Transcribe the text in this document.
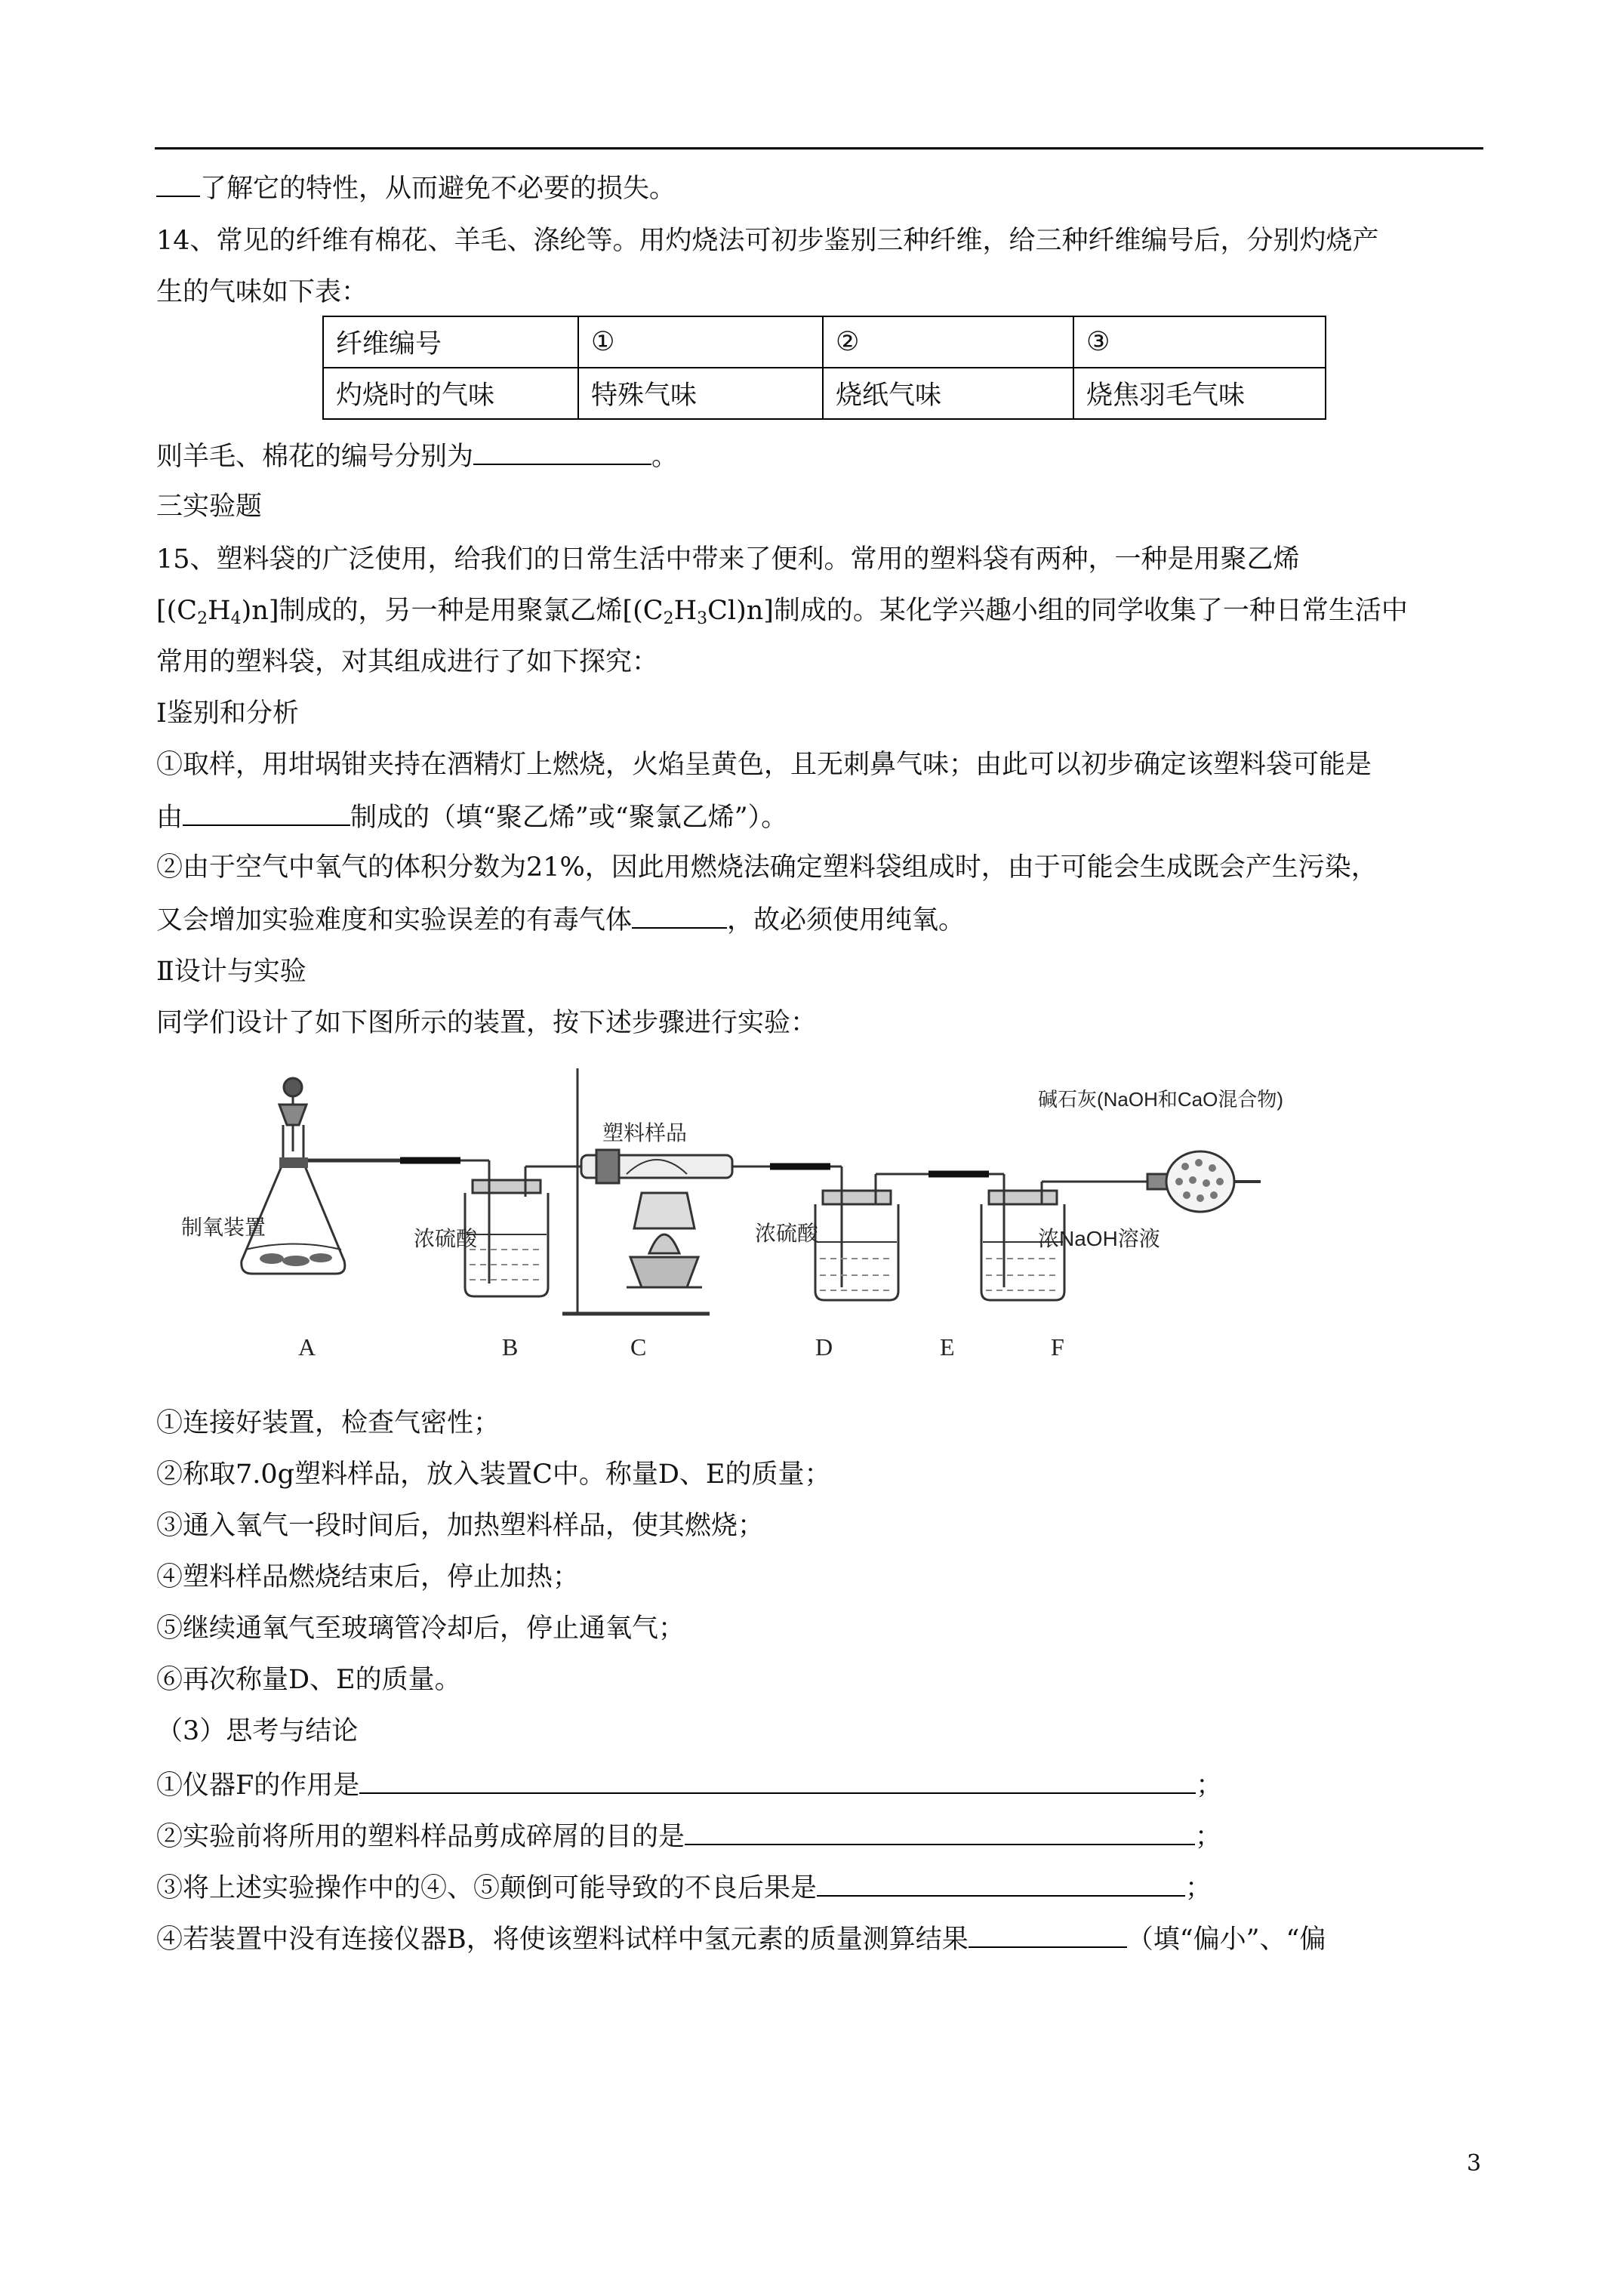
了解它的特性，从而避免不必要的损失。
14、常见的纤维有棉花、羊毛、涤纶等。用灼烧法可初步鉴别三种纤维，给三种纤维编号后，分别灼烧产
生的气味如下表：
纤维编号	①	②	③
灼烧时的气味	特殊气味	烧纸气味	烧焦羽毛气味
则羊毛、棉花的编号分别为	。
三实验题
15、塑料袋的广泛使用，给我们的日常生活中带来了便利。常用的塑料袋有两种，一种是用聚乙烯
$[(C_2H_4)n]$制成的，另一种是用聚氯乙烯$[(C_2H_3Cl)n]$制成的。某化学兴趣小组的同学收集了一种日常生活中
常用的塑料袋，对其组成进行了如下探究：
Ⅰ鉴别和分析
①取样，用坩埚钳夹持在酒精灯上燃烧，火焰呈黄色，且无刺鼻气味；由此可以初步确定该塑料袋可能是
由	制成的（填“聚乙烯”或“聚氯乙烯”）。
②由于空气中氧气的体积分数为21%，因此用燃烧法确定塑料袋组成时，由于可能会生成既会产生污染，
又会增加实验难度和实验误差的有毒气体	，故必须使用纯氧。
Ⅱ设计与实验
同学们设计了如下图所示的装置，按下述步骤进行实验：
制氧装置	浓硫酸
塑料样品
浓硫酸	浓NaOH溶液
碱石灰(NaOH和CaO混合物)
A	B	C	D	E	F
①连接好装置，检查气密性；
②称取7.0g塑料样品，放入装置C中。称量D、E的质量；
③通入氧气一段时间后，加热塑料样品，使其燃烧；
④塑料样品燃烧结束后，停止加热；
⑤继续通氧气至玻璃管冷却后，停止通氧气；
⑥再次称量D、E的质量。
（3）思考与结论
①仪器F的作用是	；
②实验前将所用的塑料样品剪成碎屑的目的是	；
③将上述实验操作中的④、⑤颠倒可能导致的不良后果是	；
④若装置中没有连接仪器B，将使该塑料试样中氢元素的质量测算结果	（填“偏小”、“偏
3
